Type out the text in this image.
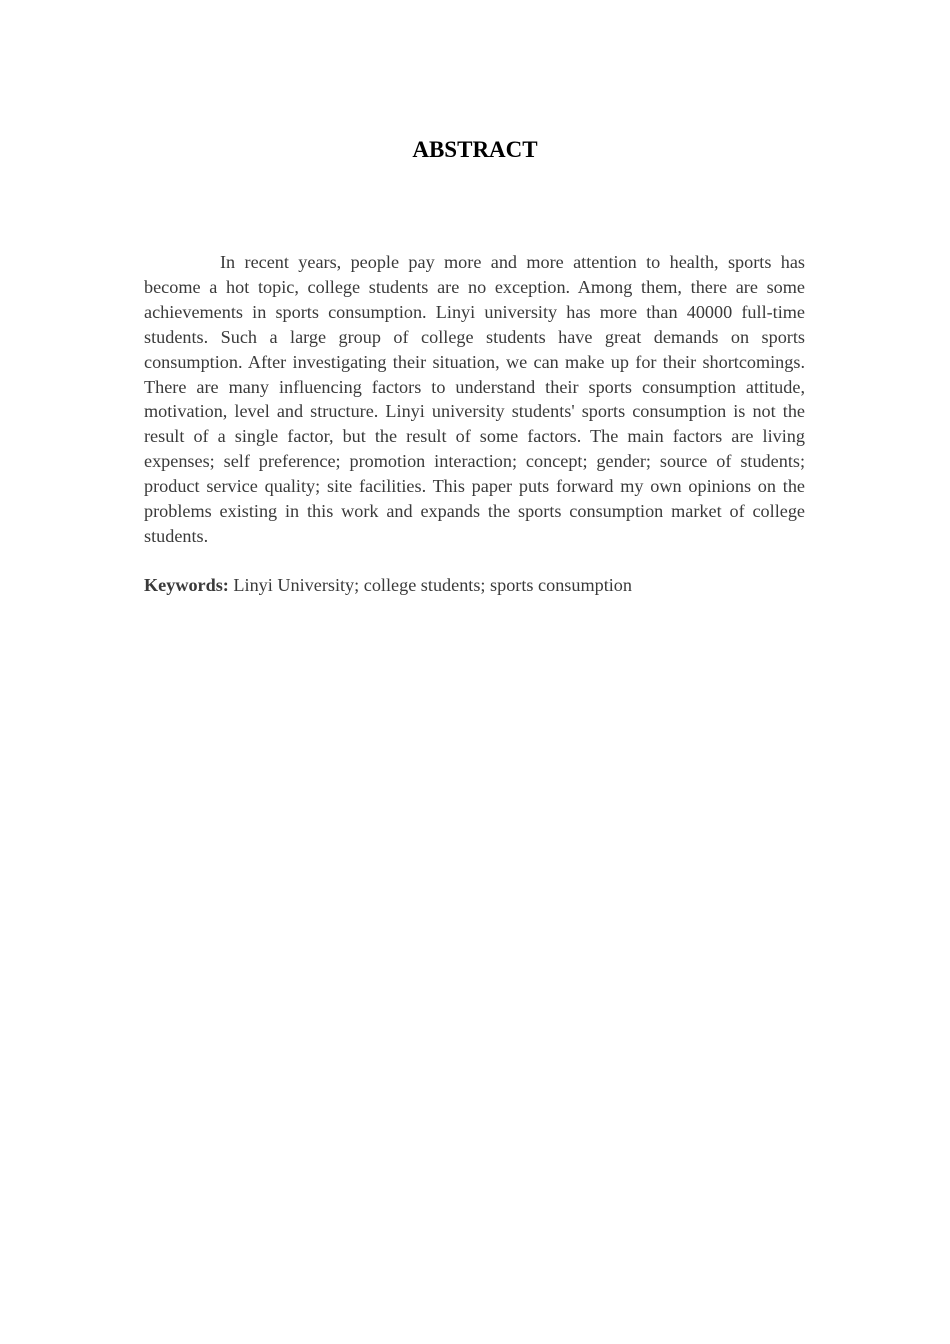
ABSTRACT

In recent years, people pay more and more attention to health, sports has become a hot topic, college students are no exception. Among them, there are some achievements in sports consumption. Linyi university has more than 40000 full-time students. Such a large group of college students have great demands on sports consumption. After investigating their situation, we can make up for their shortcomings. There are many influencing factors to understand their sports consumption attitude, motivation, level and structure. Linyi university students' sports consumption is not the result of a single factor, but the result of some factors. The main factors are living expenses; self preference; promotion interaction; concept; gender; source of students; product service quality; site facilities. This paper puts forward my own opinions on the problems existing in this work and expands the sports consumption market of college students.

Keywords: Linyi University; college students; sports consumption
